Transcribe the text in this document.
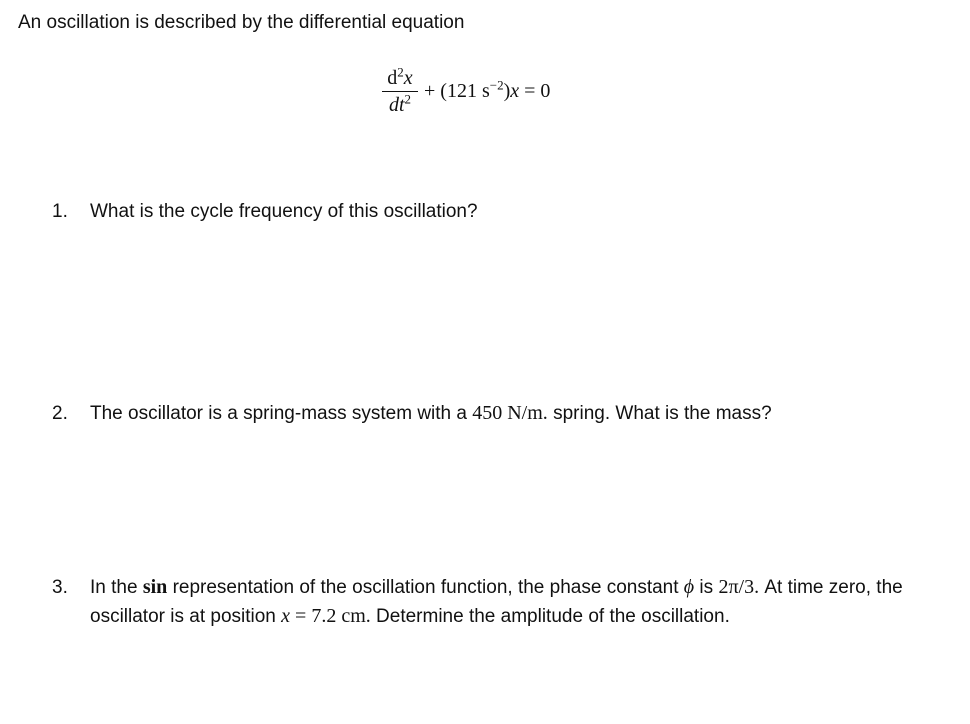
An oscillation is described by the differential equation
$\frac{d^2x}{dt^2} + (121$ $s^{-2})x = 0$
1.	What is the cycle frequency of this oscillation?
2.	The oscillator is a spring-mass system with a 450 N/m. spring. What is the mass?
3.	In the sin representation of the oscillation function, the phase constant ϕ is 2π/3. At time zero, the oscillator is at position x = 7.2 cm. Determine the amplitude of the oscillation.
